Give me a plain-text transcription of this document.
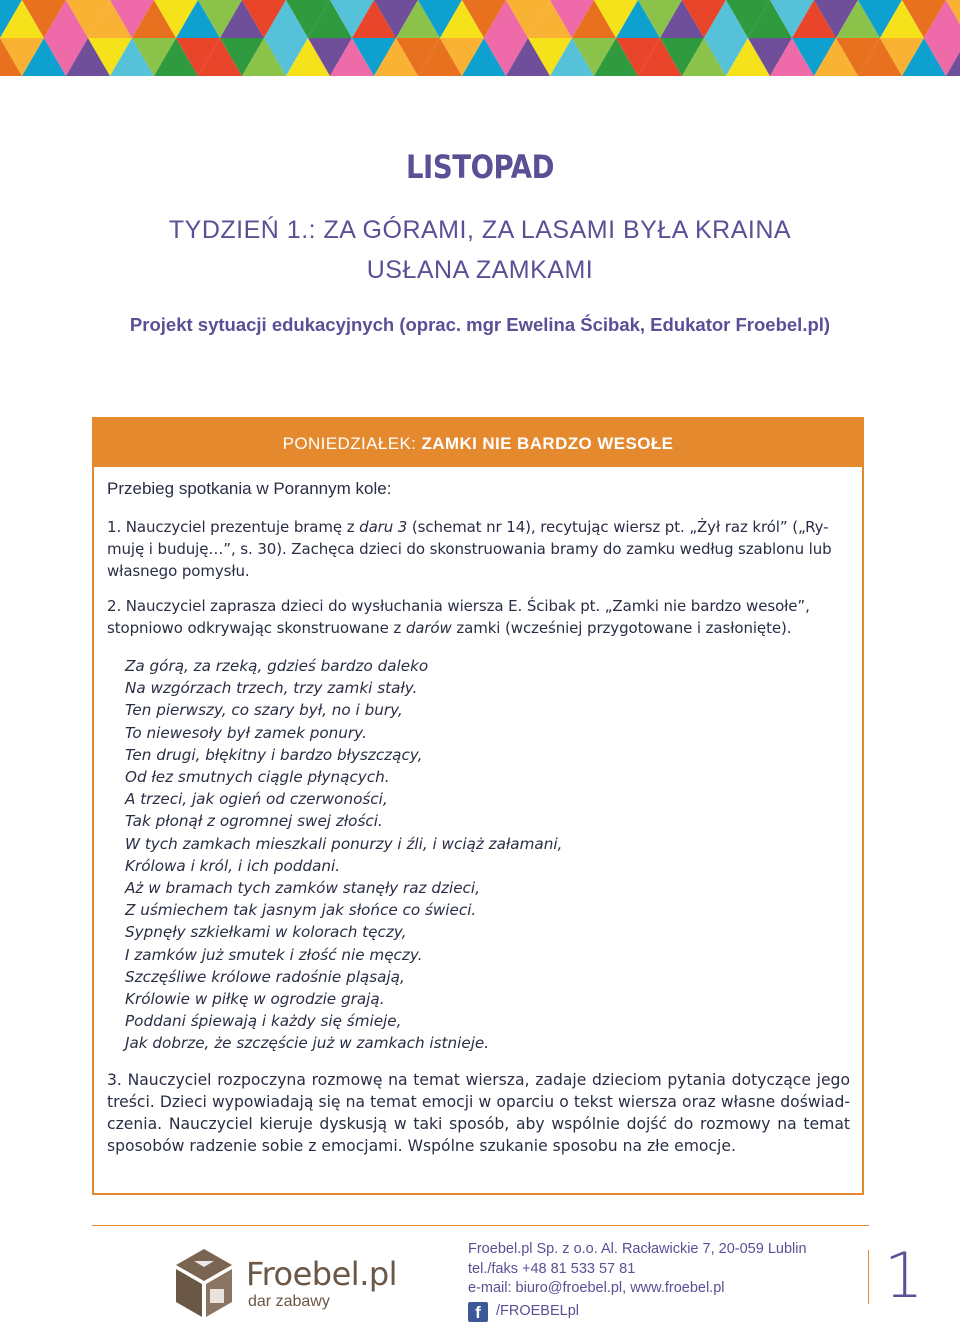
LISTOPAD
TYDZIEŃ 1.: ZA GÓRAMI, ZA LASAMI BYŁA KRAINA
USŁANA ZAMKAMI
Projekt sytuacji edukacyjnych (oprac. mgr Ewelina Ścibak, Edukator Froebel.pl)
PONIEDZIAŁEK: ZAMKI NIE BARDZO WESOŁE
Przebieg spotkania w Porannym kole:
1. Nauczyciel prezentuje bramę z daru 3 (schemat nr 14), recytując wiersz pt. „Żył raz król” („Ry-
muję i buduję…”, s. 30). Zachęca dzieci do skonstruowania bramy do zamku według szablonu lub
własnego pomysłu.
2. Nauczyciel zaprasza dzieci do wysłuchania wiersza E. Ścibak pt. „Zamki nie bardzo wesołe”,
stopniowo odkrywając skonstruowane z darów zamki (wcześniej przygotowane i zasłonięte).
Za górą, za rzeką, gdzieś bardzo daleko
Na wzgórzach trzech, trzy zamki stały.
Ten pierwszy, co szary był, no i bury,
To niewesoły był zamek ponury.
Ten drugi, błękitny i bardzo błyszczący,
Od łez smutnych ciągle płynących.
A trzeci, jak ogień od czerwoności,
Tak płonął z ogromnej swej złości.
W tych zamkach mieszkali ponurzy i źli, i wciąż załamani,
Królowa i król, i ich poddani.
Aż w bramach tych zamków stanęły raz dzieci,
Z uśmiechem tak jasnym jak słońce co świeci.
Sypnęły szkiełkami w kolorach tęczy,
I zamków już smutek i złość nie męczy.
Szczęśliwe królowe radośnie pląsają,
Królowie w piłkę w ogrodzie grają.
Poddani śpiewają i każdy się śmieje,
Jak dobrze, że szczęście już w zamkach istnieje.
3. Nauczyciel rozpoczyna rozmowę na temat wiersza, zadaje dzieciom pytania dotyczące jego treści. Dzieci wypowiadają się na temat emocji w oparciu o tekst wiersza oraz własne doświad-czenia. Nauczyciel kieruje dyskusją w taki sposób, aby wspólnie dojść do rozmowy na temat sposobów radzenie sobie z emocjami. Wspólne szukanie sposobu na złe emocje.
Froebel.pl
dar zabawy
Froebel.pl Sp. z o.o. Al. Racławickie 7, 20-059 Lublin
tel./faks +48 81 533 57 81
e-mail: biuro@froebel.pl, www.froebel.pl
f	/FROEBELpl	1
